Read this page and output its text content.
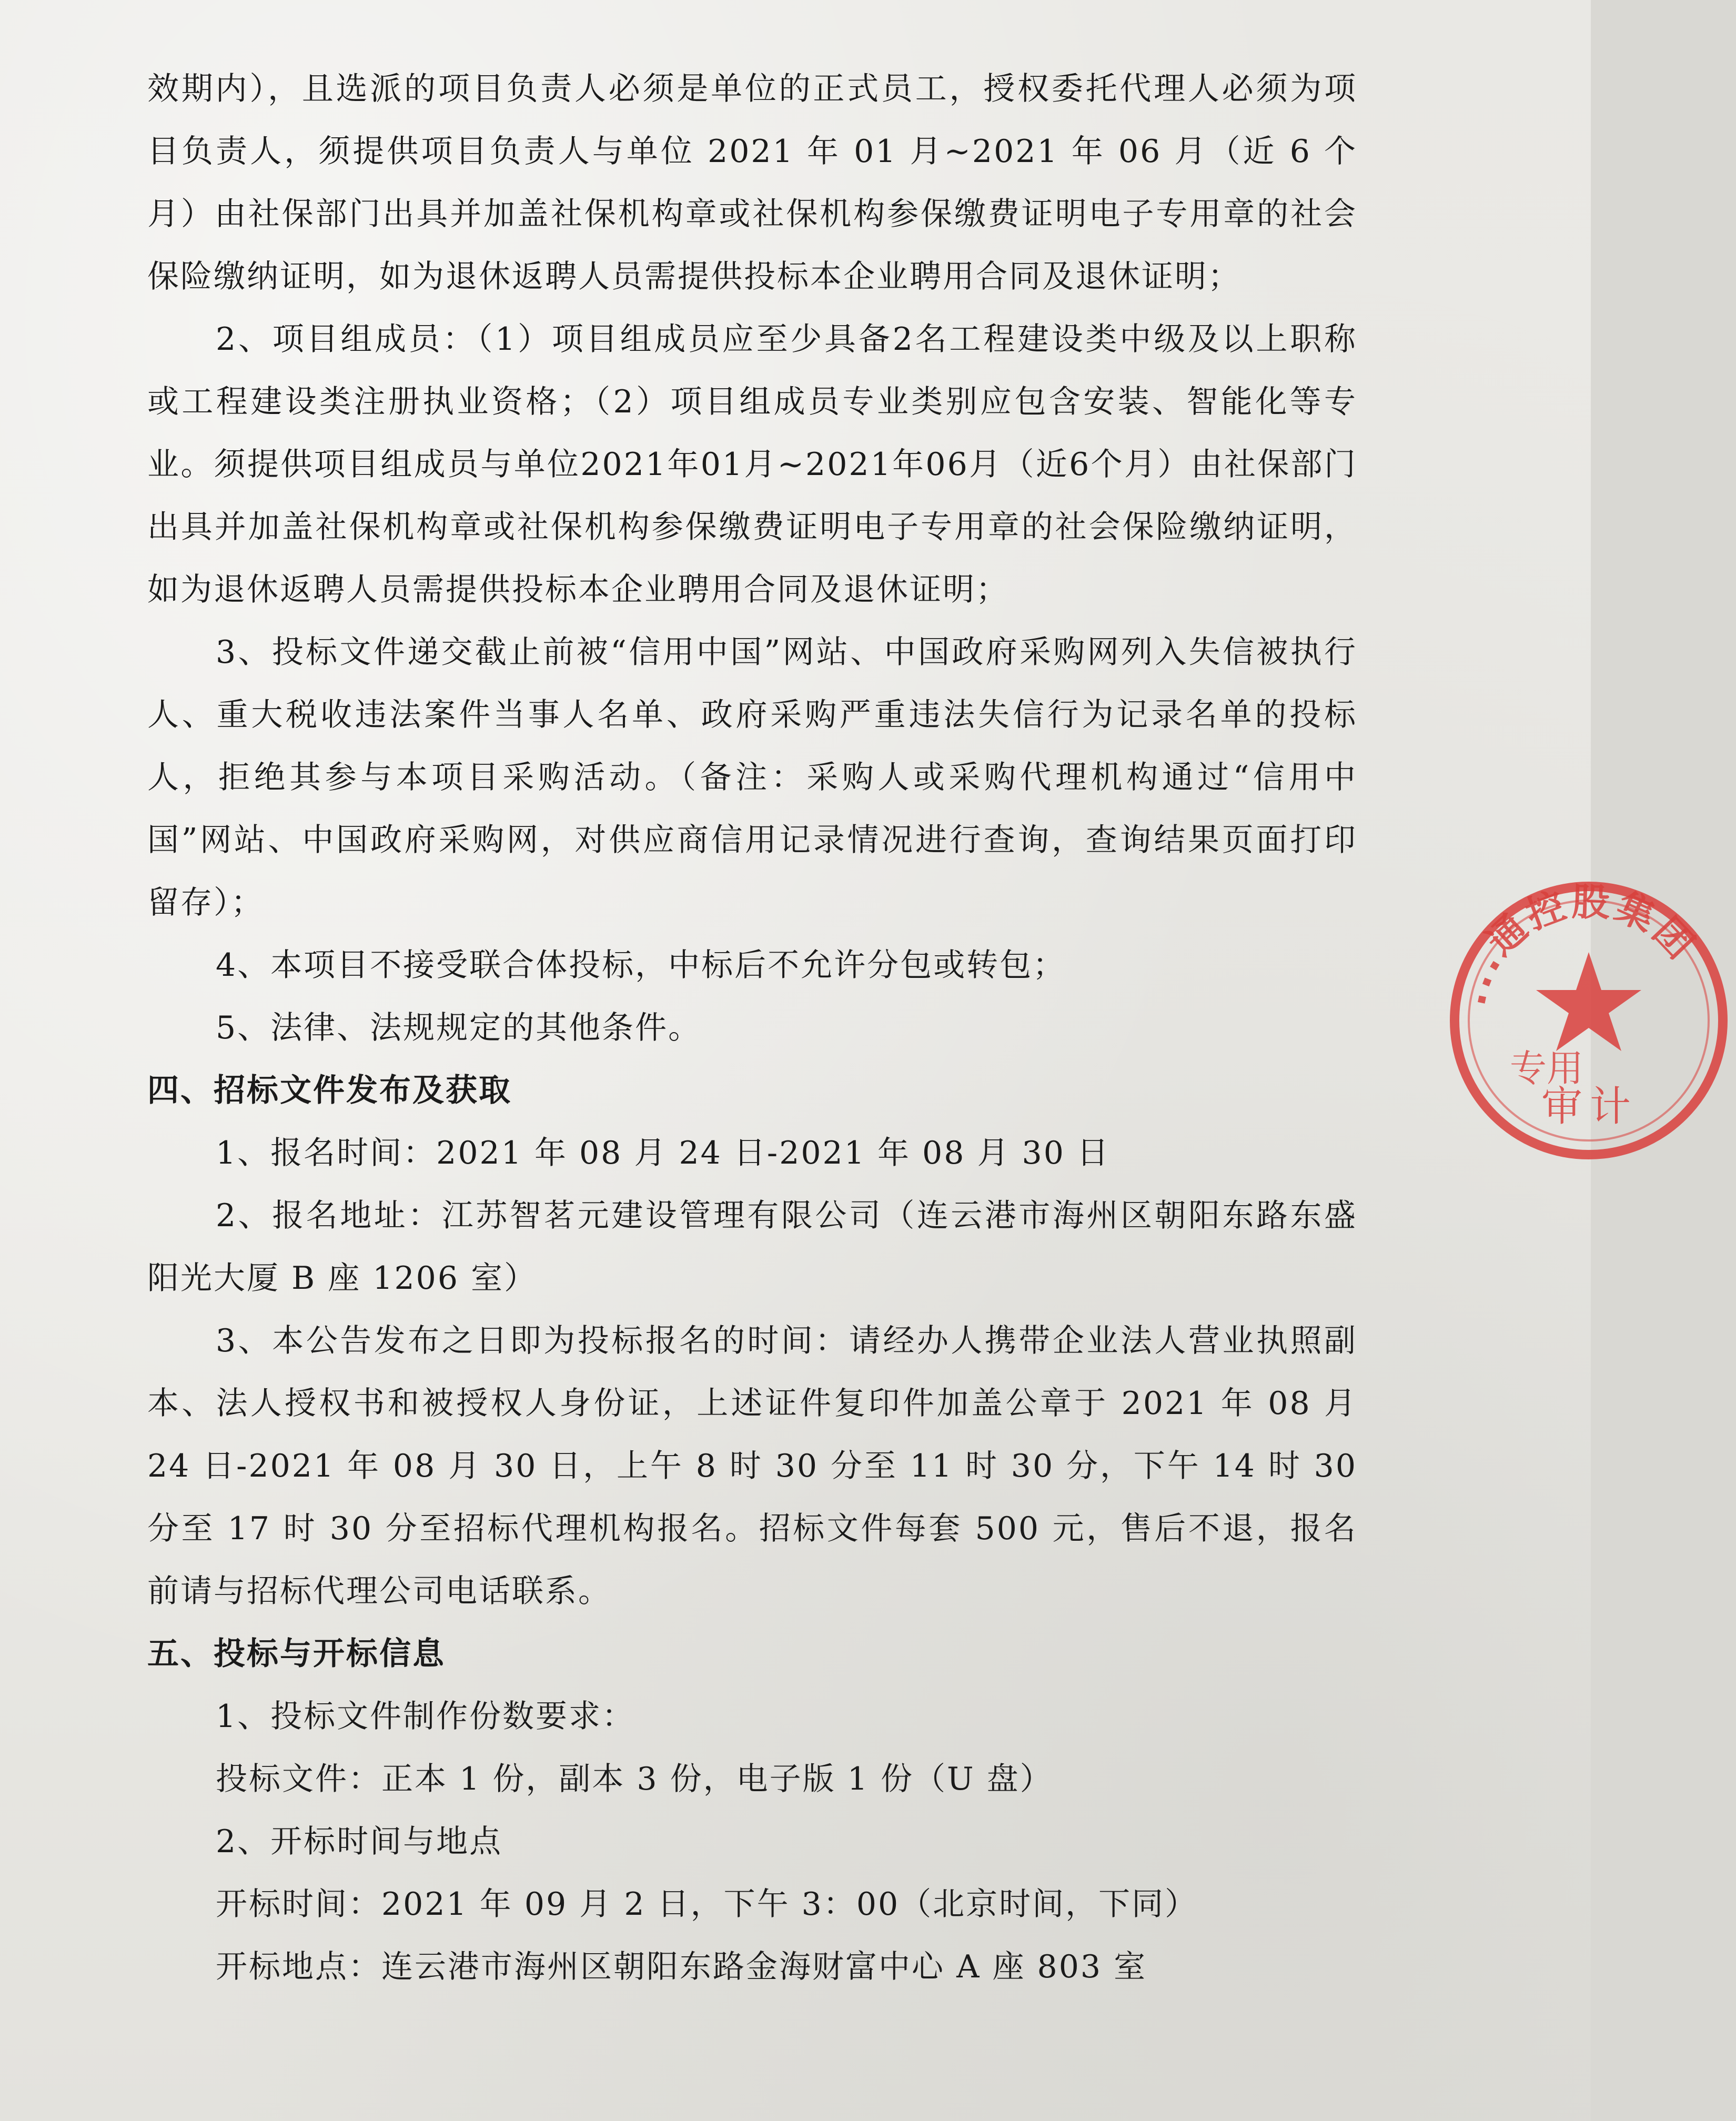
效期内），且选派的项目负责人必须是单位的正式员工，授权委托代理人必须为项目负责人，须提供项目负责人与单位 2021 年 01 月~2021 年 06 月（近 6 个月）由社保部门出具并加盖社保机构章或社保机构参保缴费证明电子专用章的社会保险缴纳证明，如为退休返聘人员需提供投标本企业聘用合同及退休证明；

2、项目组成员：（1）项目组成员应至少具备2名工程建设类中级及以上职称或工程建设类注册执业资格；（2）项目组成员专业类别应包含安装、智能化等专业。须提供项目组成员与单位2021年01月~2021年06月（近6个月）由社保部门出具并加盖社保机构章或社保机构参保缴费证明电子专用章的社会保险缴纳证明，如为退休返聘人员需提供投标本企业聘用合同及退休证明；

3、投标文件递交截止前被“信用中国”网站、中国政府采购网列入失信被执行人、重大税收违法案件当事人名单、政府采购严重违法失信行为记录名单的投标人，拒绝其参与本项目采购活动。（备注：采购人或采购代理机构通过“信用中国”网站、中国政府采购网，对供应商信用记录情况进行查询，查询结果页面打印留存）；

4、本项目不接受联合体投标，中标后不允许分包或转包；

5、法律、法规规定的其他条件。

四、招标文件发布及获取

1、报名时间：2021 年 08 月 24 日-2021 年 08 月 30 日

2、报名地址：江苏智茗元建设管理有限公司（连云港市海州区朝阳东路东盛阳光大厦 B 座 1206 室）

3、本公告发布之日即为投标报名的时间：请经办人携带企业法人营业执照副本、法人授权书和被授权人身份证，上述证件复印件加盖公章于 2021 年 08 月 24 日-2021 年 08 月 30 日，上午 8 时 30 分至 11 时 30 分，下午 14 时 30 分至 17 时 30 分至招标代理机构报名。招标文件每套 500 元，售后不退，报名前请与招标代理公司电话联系。

五、投标与开标信息

1、投标文件制作份数要求：

投标文件：正本 1 份，副本 3 份，电子版 1 份（U 盘）

2、开标时间与地点

开标时间：2021 年 09 月 2 日，下午 3：00（北京时间，下同）

开标地点：连云港市海州区朝阳东路金海财富中心 A 座 803 室

...通控股集团
专用
审计
